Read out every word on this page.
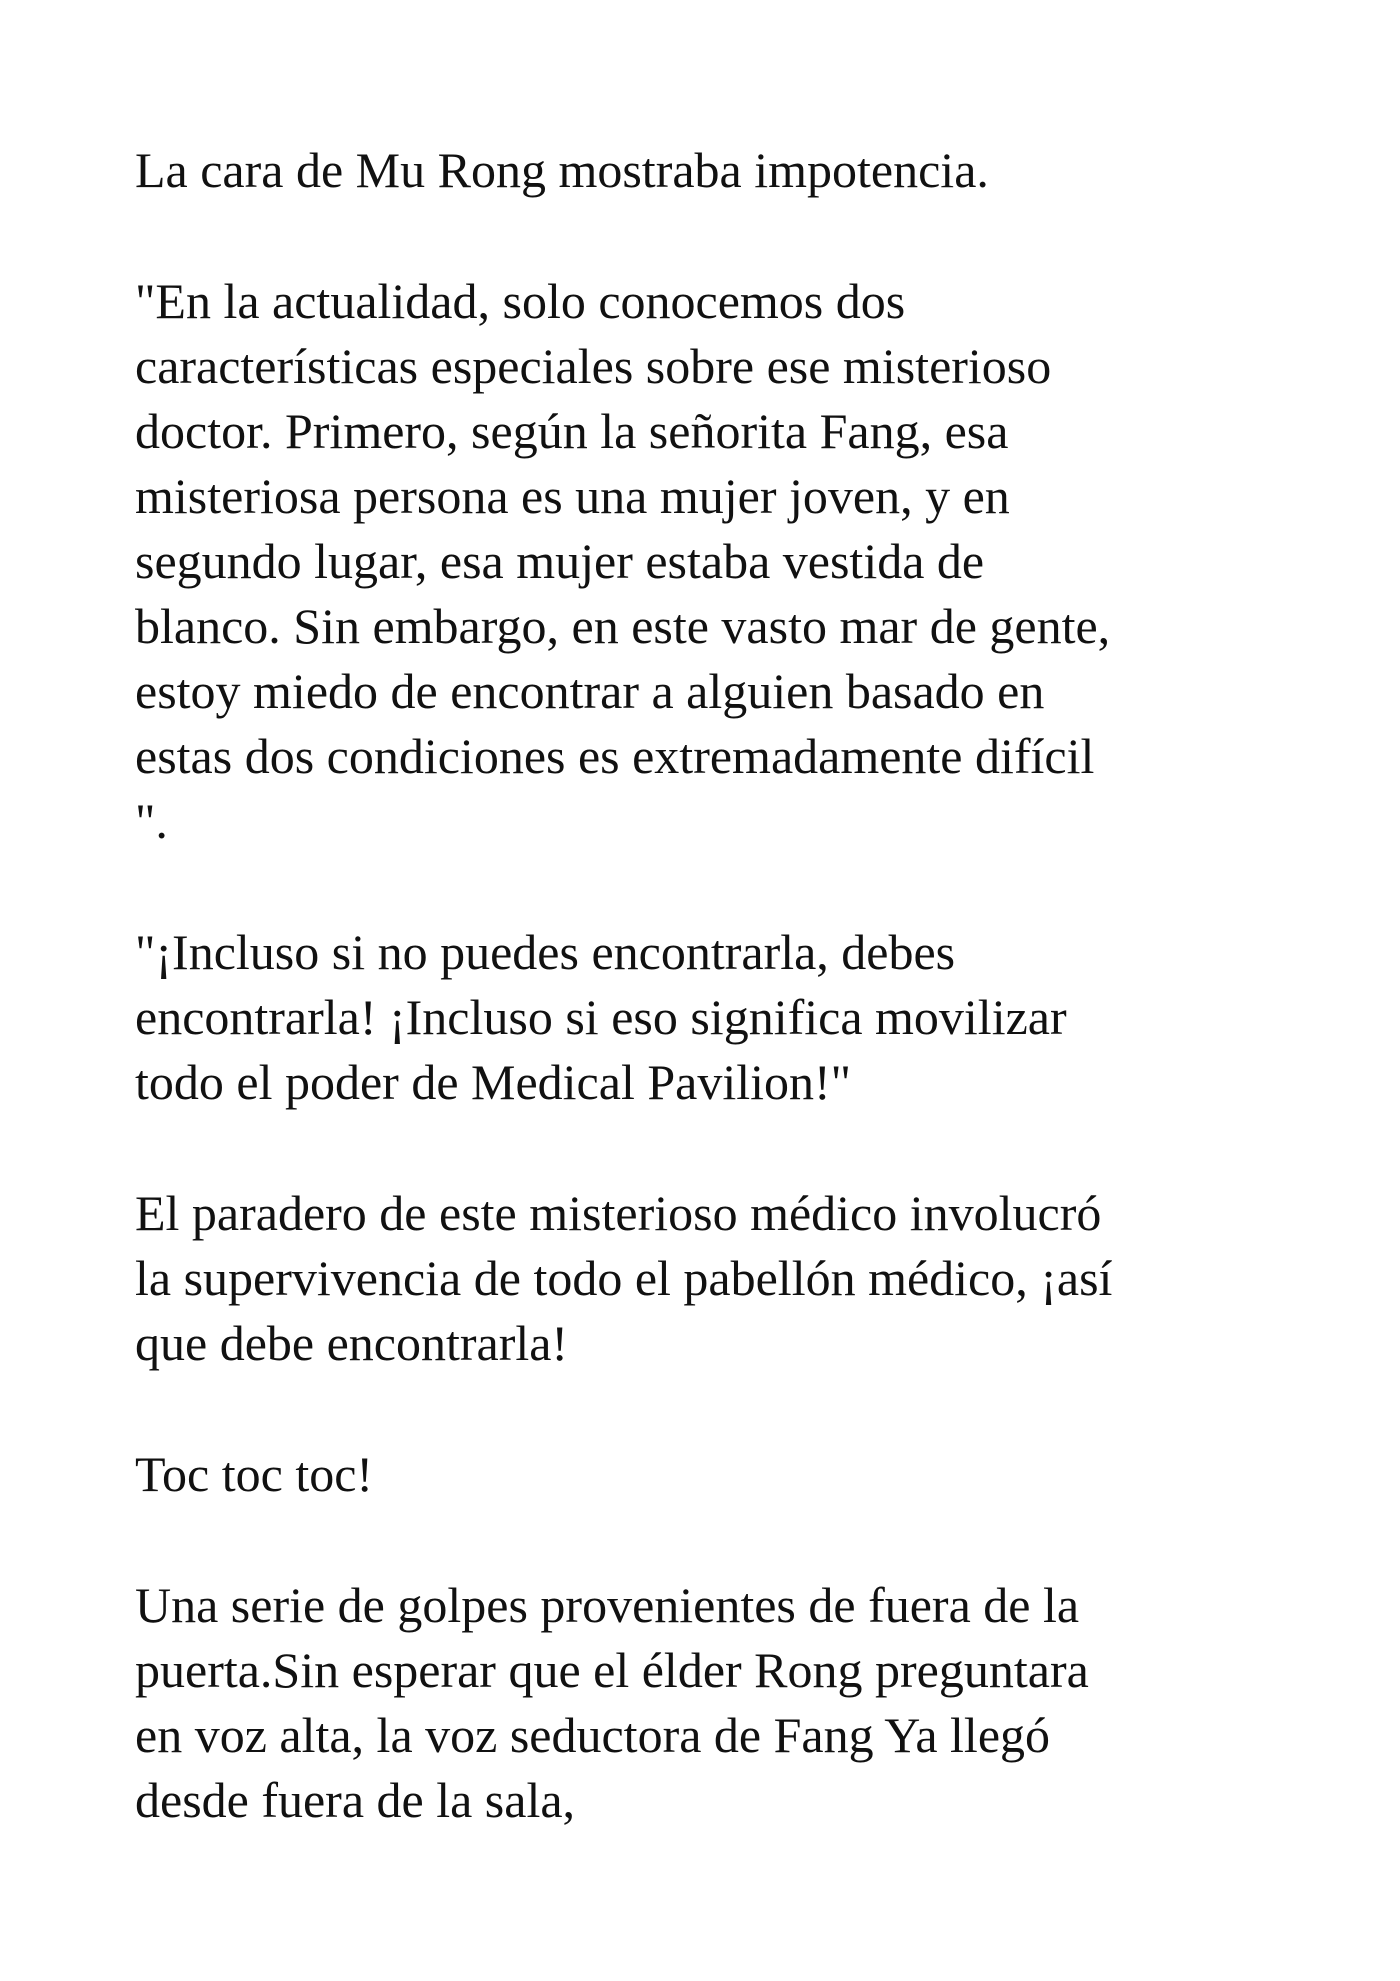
La cara de Mu Rong mostraba impotencia.

"En la actualidad, solo conocemos dos
características especiales sobre ese misterioso
doctor. Primero, según la señorita Fang, esa
misteriosa persona es una mujer joven, y en
segundo lugar, esa mujer estaba vestida de
blanco. Sin embargo, en este vasto mar de gente,
estoy miedo de encontrar a alguien basado en
estas dos condiciones es extremadamente difícil
".

"¡Incluso si no puedes encontrarla, debes
encontrarla! ¡Incluso si eso significa movilizar
todo el poder de Medical Pavilion!"

El paradero de este misterioso médico involucró
la supervivencia de todo el pabellón médico, ¡así
que debe encontrarla!

Toc toc toc!

Una serie de golpes provenientes de fuera de la
puerta.Sin esperar que el élder Rong preguntara
en voz alta, la voz seductora de Fang Ya llegó
desde fuera de la sala,
